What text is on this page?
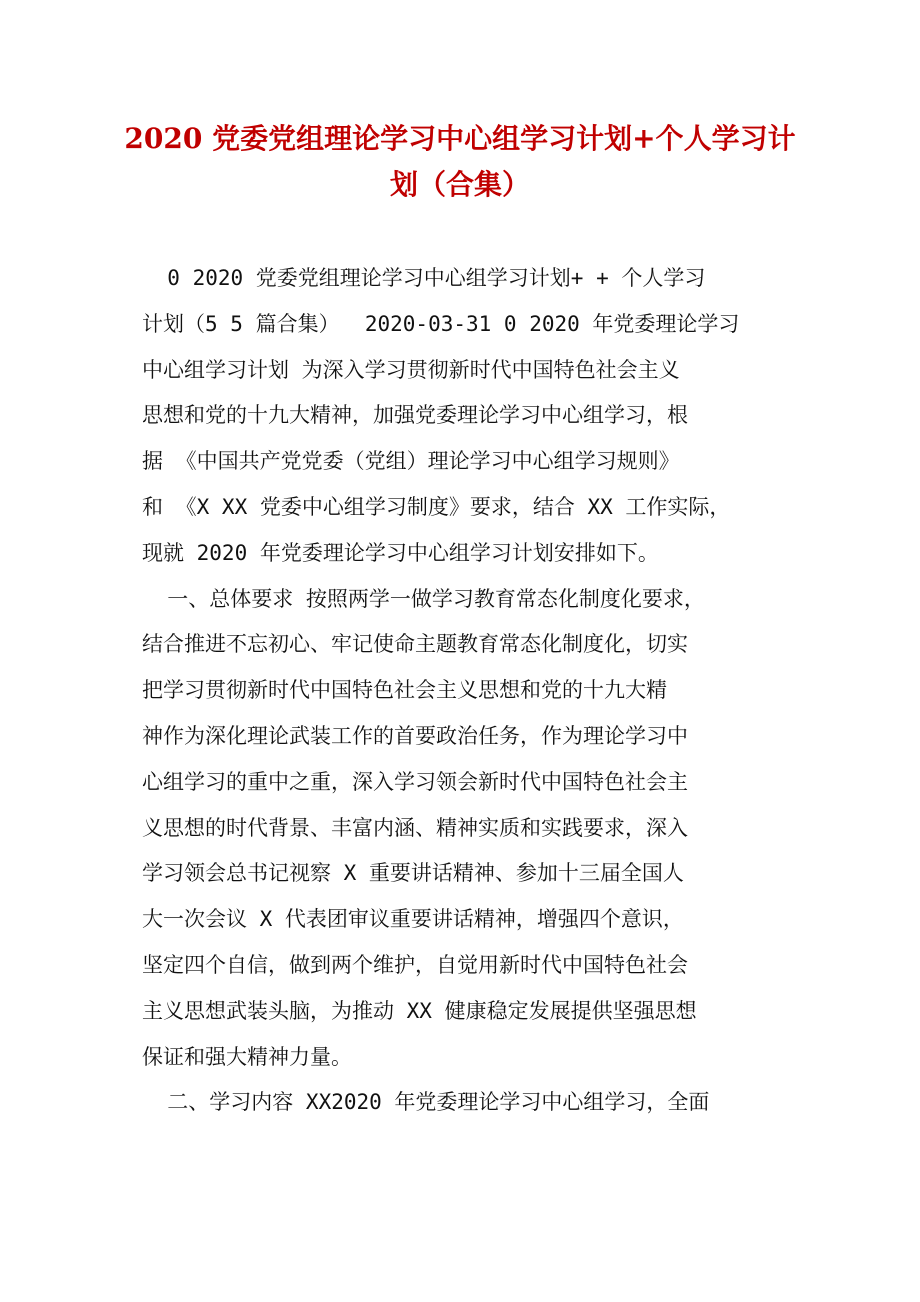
2020 党委党组理论学习中心组学习计划+个人学习计
划（合集）
0 2020 党委党组理论学习中心组学习计划+ + 个人学习
计划（5 5 篇合集）  2020-03-31 0 2020 年党委理论学习
中心组学习计划 为深入学习贯彻新时代中国特色社会主义
思想和党的十九大精神，加强党委理论学习中心组学习，根
据 《中国共产党党委（党组）理论学习中心组学习规则》
和 《X XX 党委中心组学习制度》要求，结合 XX 工作实际，
现就 2020 年党委理论学习中心组学习计划安排如下。
一、总体要求 按照两学一做学习教育常态化制度化要求，
结合推进不忘初心、牢记使命主题教育常态化制度化，切实
把学习贯彻新时代中国特色社会主义思想和党的十九大精
神作为深化理论武装工作的首要政治任务，作为理论学习中
心组学习的重中之重，深入学习领会新时代中国特色社会主
义思想的时代背景、丰富内涵、精神实质和实践要求，深入
学习领会总书记视察 X 重要讲话精神、参加十三届全国人
大一次会议 X 代表团审议重要讲话精神，增强四个意识，
坚定四个自信，做到两个维护，自觉用新时代中国特色社会
主义思想武装头脑，为推动 XX 健康稳定发展提供坚强思想
保证和强大精神力量。
二、学习内容 XX2020 年党委理论学习中心组学习，全面
